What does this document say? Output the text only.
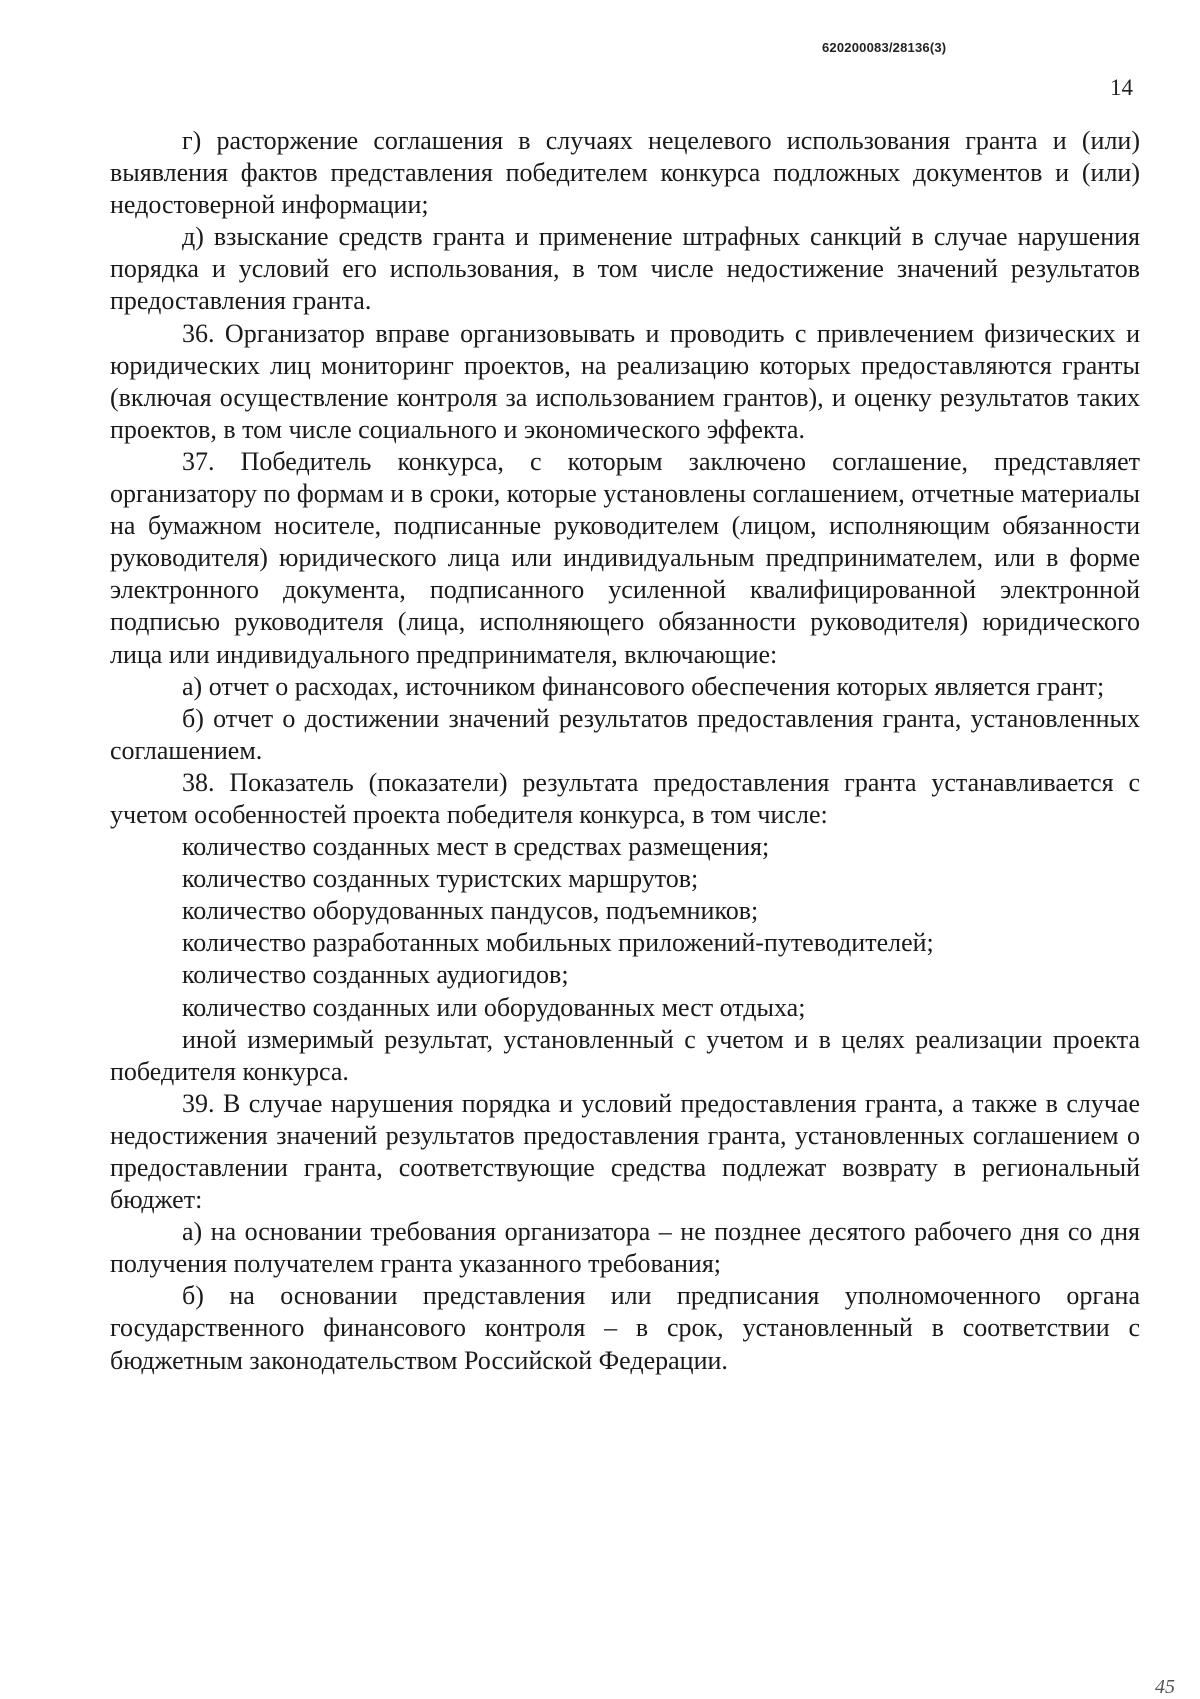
620200083/28136(3)
14

г) расторжение соглашения в случаях нецелевого использования гранта и (или) выявления фактов представления победителем конкурса подложных документов и (или) недостоверной информации;

д) взыскание средств гранта и применение штрафных санкций в случае нарушения порядка и условий его использования, в том числе недостижение значений результатов предоставления гранта.

36. Организатор вправе организовывать и проводить с привлечением физических и юридических лиц мониторинг проектов, на реализацию которых предоставляются гранты (включая осуществление контроля за использованием грантов), и оценку результатов таких проектов, в том числе социального и экономического эффекта.

37. Победитель конкурса, с которым заключено соглашение, представляет организатору по формам и в сроки, которые установлены соглашением, отчетные материалы на бумажном носителе, подписанные руководителем (лицом, исполняющим обязанности руководителя) юридического лица или индивидуальным предпринимателем, или в форме электронного документа, подписанного усиленной квалифицированной электронной подписью руководителя (лица, исполняющего обязанности руководителя) юридического лица или индивидуального предпринимателя, включающие:

а) отчет о расходах, источником финансового обеспечения которых является грант;

б) отчет о достижении значений результатов предоставления гранта, установленных соглашением.

38. Показатель (показатели) результата предоставления гранта устанавливается с учетом особенностей проекта победителя конкурса, в том числе:

количество созданных мест в средствах размещения;

количество созданных туристских маршрутов;

количество оборудованных пандусов, подъемников;

количество разработанных мобильных приложений-путеводителей;

количество созданных аудиогидов;

количество созданных или оборудованных мест отдыха;

иной измеримый результат, установленный с учетом и в целях реализации проекта победителя конкурса.

39. В случае нарушения порядка и условий предоставления гранта, а также в случае недостижения значений результатов предоставления гранта, установленных соглашением о предоставлении гранта, соответствующие средства подлежат возврату в региональный бюджет:

а) на основании требования организатора – не позднее десятого рабочего дня со дня получения получателем гранта указанного требования;

б) на основании представления или предписания уполномоченного органа государственного финансового контроля – в срок, установленный в соответствии с бюджетным законодательством Российской Федерации.

45
